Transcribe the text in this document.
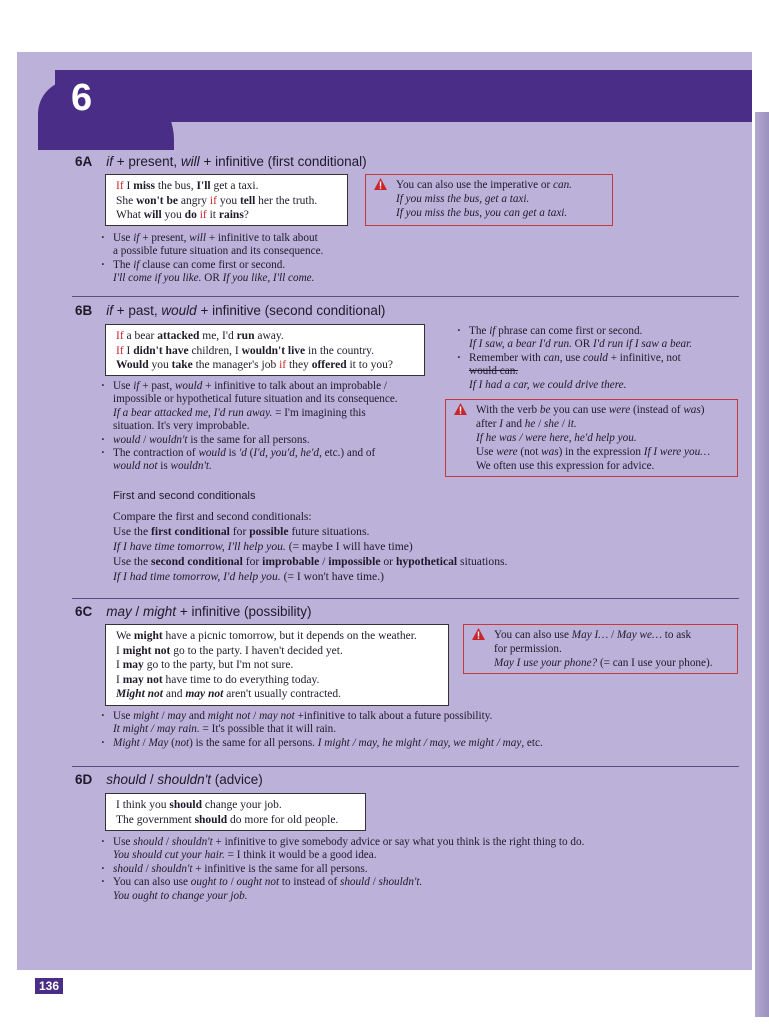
6
6A if + present, will + infinitive (first conditional)
If I miss the bus, I'll get a taxi.
She won't be angry if you tell her the truth.
What will you do if it rains?
You can also use the imperative or can.
If you miss the bus, get a taxi.
If you miss the bus, you can get a taxi.
· Use if + present, will + infinitive to talk about
a possible future situation and its consequence.
· The if clause can come first or second.
I'll come if you like. OR If you like, I'll come.
6B if + past, would + infinitive (second conditional)
If a bear attacked me, I'd run away.
If I didn't have children, I wouldn't live in the country.
Would you take the manager's job if they offered it to you?
· Use if + past, would + infinitive to talk about an improbable /
impossible or hypothetical future situation and its consequence.
If a bear attacked me, I'd run away. = I'm imagining this
situation. It's very improbable.
· would / wouldn't is the same for all persons.
· The contraction of would is 'd (I'd, you'd, he'd, etc.) and of
would not is wouldn't.
· The if phrase can come first or second.
If I saw, a bear I'd run. OR I'd run if I saw a bear.
· Remember with can, use could + infinitive, not
would can.
If I had a car, we could drive there.
With the verb be you can use were (instead of was)
after I and he / she / it.
If he was / were here, he'd help you.
Use were (not was) in the expression If I were you…
We often use this expression for advice.
First and second conditionals
Compare the first and second conditionals:
Use the first conditional for possible future situations.
If I have time tomorrow, I'll help you. (= maybe I will have time)
Use the second conditional for improbable / impossible or hypothetical situations.
If I had time tomorrow, I'd help you. (= I won't have time.)
6C may / might + infinitive (possibility)
We might have a picnic tomorrow, but it depends on the weather.
I might not go to the party. I haven't decided yet.
I may go to the party, but I'm not sure.
I may not have time to do everything today.
Might not and may not aren't usually contracted.
You can also use May I… / May we… to ask
for permission.
May I use your phone? (= can I use your phone).
· Use might / may and might not / may not +infinitive to talk about a future possibility.
It might / may rain. = It's possible that it will rain.
· Might / May (not) is the same for all persons. I might / may, he might / may, we might / may, etc.
6D should / shouldn't (advice)
I think you should change your job.
The government should do more for old people.
· Use should / shouldn't + infinitive to give somebody advice or say what you think is the right thing to do.
You should cut your hair. = I think it would be a good idea.
· should / shouldn't + infinitive is the same for all persons.
· You can also use ought to / ought not to instead of should / shouldn't.
You ought to change your job.
136
